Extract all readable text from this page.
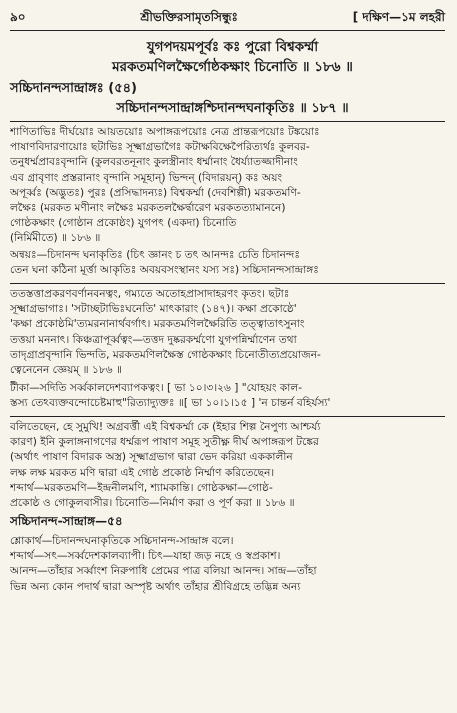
৯০	শ্রীভক্তিরসামৃতসিন্ধুঃ	[ দক্ষিণ—১ম লহরী
যুগপদয়মপূর্বঃ কঃ পুরো বিশ্বকর্ম্মা
মরকতমণিলক্ষৈর্গোষ্ঠকক্ষাং চিনোতি ॥ ১৮৬ ॥
সচ্চিদানন্দসান্দ্রাঙ্গঃ (৫৪)
সচ্চিদানন্দসান্দ্রাঙ্গশ্চিদানন্দঘনাকৃতিঃ ॥ ১৮৭ ॥
শাণিতাভিঃ দীর্ঘয়োঃ আয়তয়োঃ অপাঙ্গরূপয়োঃ নেত্র প্রান্তরূপয়োঃ টঙ্কয়োঃ
পাষাণবিদারণায়োঃ ছটাভিঃ সূক্ষ্মাগ্রভাগৈঃ কটাক্ষবিক্ষেপৈরিত্যর্থঃ কুলবর-
তনুধর্ম্মপ্রাবঃবৃন্দানি (কুলবরতনূনাং কুলস্ত্রীনাং ধর্ম্মানাং ধৈর্য্যাতজ্জাদীনাং
এব গ্রাবৃণাং প্রস্তরানাং বৃন্দানি সমূহান্) ভিন্দন্ (বিদারয়ন্) কঃ অয়ং
অপূর্ব্বঃ (অদ্ভুতঃ) পুরঃ (প্রসিদ্ধাদন্যঃ) বিশ্বকর্ম্মা (দেবশিল্পী) মরকতমণি-
লক্ষৈঃ (মরকত মণীনাং লক্ষৈঃ মরকতলক্ষৈর্দ্বারেণ মরকতত্যামাননে)
গোষ্ঠকক্ষাং (গোষ্ঠান প্রকোষ্ঠং) যুগপৎ (একদা) চিনোতি
(নির্মিমীতে) ॥ ১৮৬ ॥
অন্বয়ঃ—চিদানন্দ ঘনাকৃতিঃ (চিৎ জ্ঞানং চ তৎ আনন্দঃ চেতি চিদানন্দঃ
তেন ঘনা কঠিনা মূর্ত্তা আকৃতিঃ অবয়বসংস্থানং যস্য সঃ) সচ্চিদানন্দসান্দ্রাঙ্গঃ
ততস্তত্তাপ্রকরণবর্ণানবনত্বং, গম্যতে অতোহপ্রাসাদাহরণং কৃতং। ছটাঃ
সূক্ষ্মাগ্রভাগাঃ। 'সটাচ্ছটাভিঃঘনেতি' মাৎকারাং (১৪৭)। কক্ষা প্রকোষ্ঠে'
'কক্ষা প্রকোষ্ঠমি'ত্যমরনানার্থবর্গাৎ। মরকতমণিলক্ষৈরিতি তত্ত্বাতাৎসুনাং
তত্তয়া মননাৎ। কিঞ্চত্রাপূর্ব্বত্বং—তত্তদ দুষ্করকর্ম্মণো যুগপন্নির্ম্মাণেন তথা
তাদৃগ্রাপ্রবৃন্দানি ভিন্দতি, মরকতমণিলক্ষৈস্ত গোষ্ঠকক্ষাং চিনোতীত্যপ্রয়োজন-
ত্বেনেনেন জ্ঞেয়ম্ ॥ ১৮৬ ॥
টীকা—সদিতি সর্ব্বকালদেশব্যাপকত্বং। [ ভা ১০।৩।২৬ ] "যোহয়ং কাল-
স্তস্য তেঽব্যক্তবন্দোচেষ্টমাহু"রিত্যাদ্যুক্তঃ ॥[ ভা ১০।১।১৫ ] 'ন চান্তর্ন বহির্যস্য'
বলিতেছেন, হে সুমুখি! অগ্রবর্ত্তী এই বিশ্বকর্ম্মা কে (ইহার শিল্প নৈপুণ্য আশ্চর্য্য
কারণ) ইনি কুলাঙ্গনাগণের ধর্ম্মরূপ পাষাণ সমূহ সুতীক্ষ্ণ দীর্ঘ অপাঙ্গরূপ টঙ্কের
(অর্থাৎ পাষাণ বিদারক অস্ত্র) সূক্ষ্মাগ্রভাগ দ্বারা ভেদ করিয়া এককালীন
লক্ষ লক্ষ মরকত মণি দ্বারা এই গোষ্ঠ প্রকোষ্ঠ নির্ম্মাণ করিতেছেন।
শব্দার্থ—মরকতমণি—ইন্দ্রনীলমণি, শ্যামকান্তি। গোষ্ঠকক্ষা—গোষ্ঠ-
প্রকোষ্ঠ ও গোকুলবাসীর। চিনোতি—নির্মাণ করা ও পূর্ণ করা ॥ ১৮৬ ॥
সচ্চিদানন্দ-সান্দ্রাঙ্গ—৫৪
শ্লোকার্থ—চিদানন্দঘনাকৃতিকে সচ্চিদানন্দ-সান্দ্রাঙ্গ বলে।
শব্দার্থ—সৎ—সর্ব্বদেশকালব্যাপী। চিৎ—যাহা জড় নহে ও স্বপ্রকাশ।
আনন্দ—তাঁহার সর্ব্বাংশ নিরুপাধি প্রেমের পাত্র বলিয়া আনন্দ। সান্দ্র—তাঁহা
ভিন্ন অন্য কোন পদার্থ দ্বারা অস্পৃষ্ট অর্থাৎ তাঁহার শ্রীবিগ্রহে তদ্ভিন্ন অন্য
